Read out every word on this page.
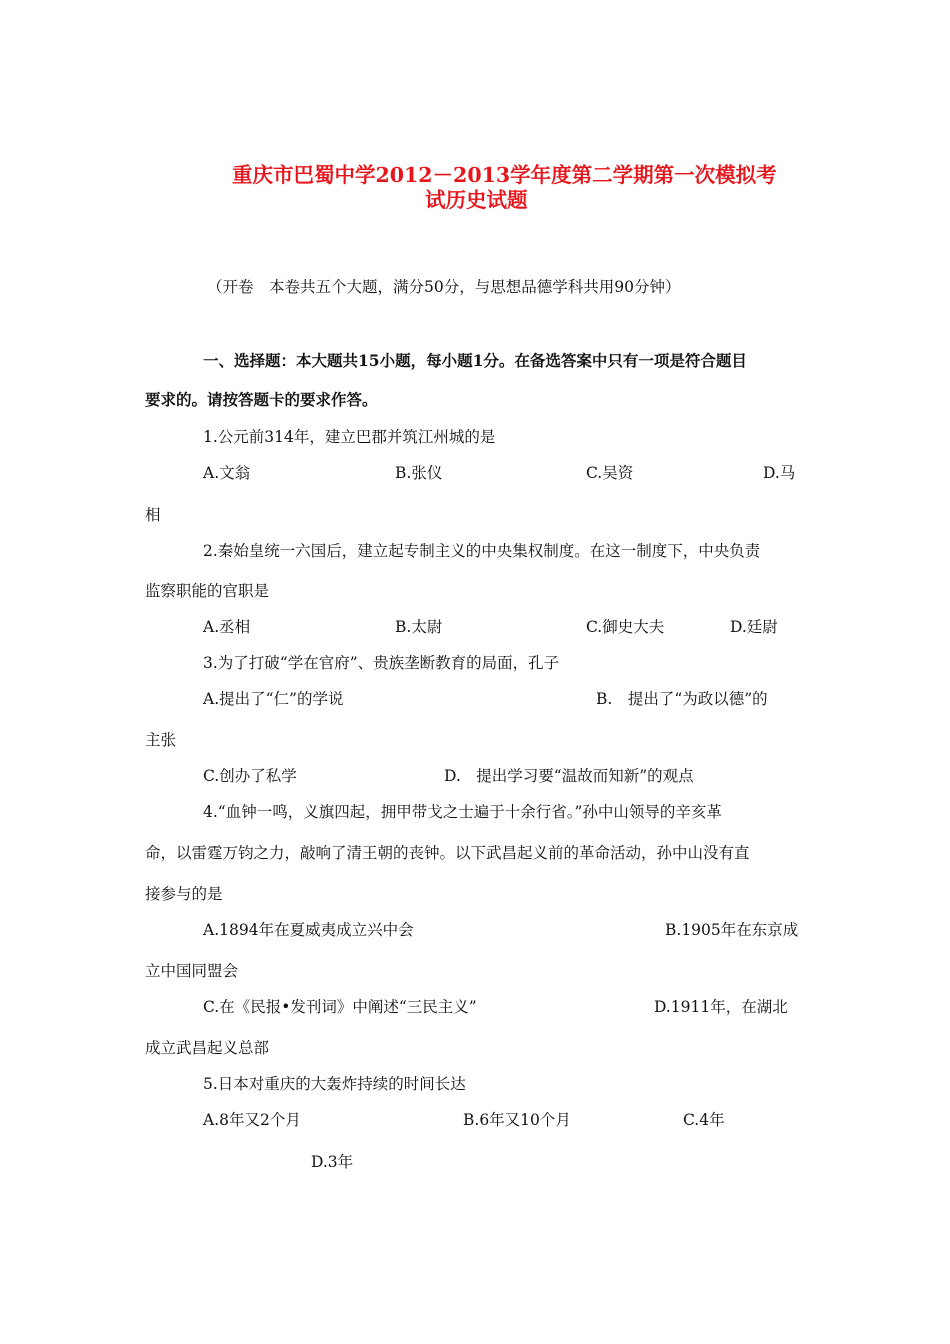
重庆市巴蜀中学2012－2013学年度第二学期第一次模拟考
试历史试题
（开卷　本卷共五个大题，满分50分，与思想品德学科共用90分钟）
一、选择题：本大题共15小题，每小题1分。在备选答案中只有一项是符合题目
要求的。请按答题卡的要求作答。
1.公元前314年，建立巴郡并筑江州城的是
A.文翁	B.张仪	C.吴资	D.马
相
2.秦始皇统一六国后，建立起专制主义的中央集权制度。在这一制度下，中央负责
监察职能的官职是
A.丞相	B.太尉	C.御史大夫	D.廷尉
3.为了打破“学在官府”、贵族垄断教育的局面，孔子
A.提出了“仁”的学说	B.　提出了“为政以德”的
主张
C.创办了私学	D.　提出学习要“温故而知新”的观点
4.“血钟一鸣，义旗四起，拥甲带戈之士遍于十余行省。”孙中山领导的辛亥革
命，以雷霆万钧之力，敲响了清王朝的丧钟。以下武昌起义前的革命活动，孙中山没有直
接参与的是
A.1894年在夏威夷成立兴中会	B.1905年在东京成
立中国同盟会
C.在《民报•发刊词》中阐述“三民主义”	D.1911年，在湖北
成立武昌起义总部
5.日本对重庆的大轰炸持续的时间长达
A.8年又2个月	B.6年又10个月	C.4年
D.3年
